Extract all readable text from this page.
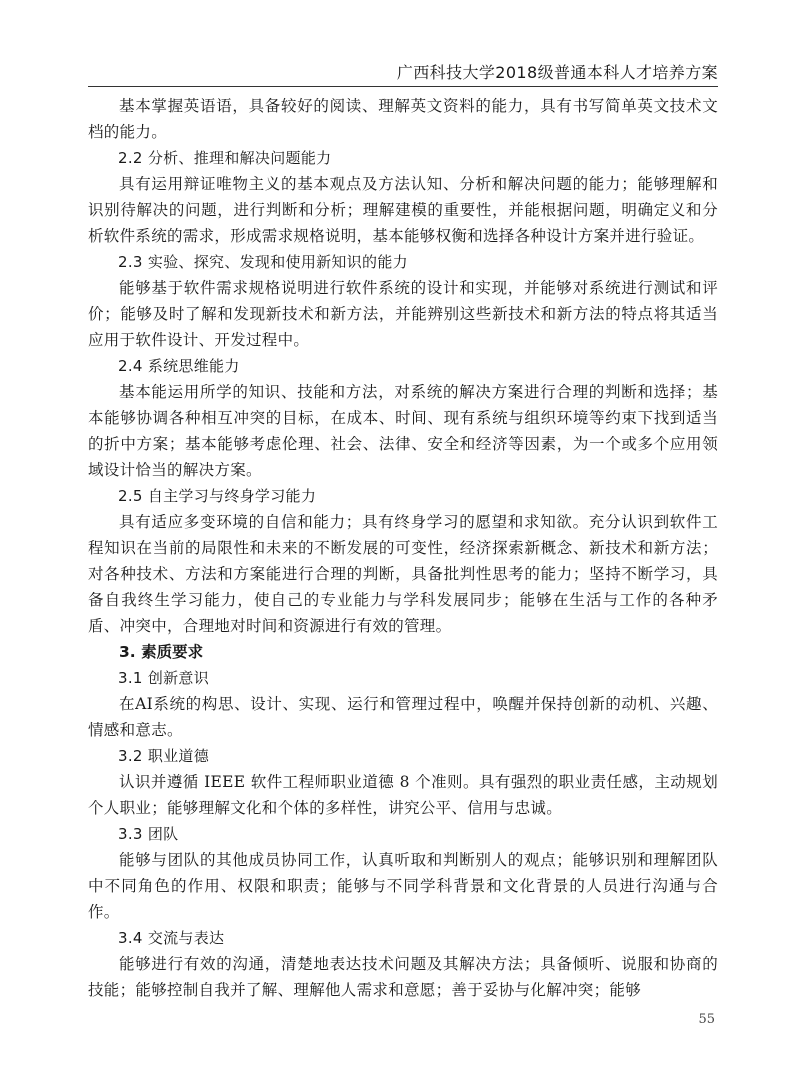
广西科技大学2018级普通本科人才培养方案

基本掌握英语语，具备较好的阅读、理解英文资料的能力，具有书写简单英文技术文档的能力。

2.2 分析、推理和解决问题能力

具有运用辩证唯物主义的基本观点及方法认知、分析和解决问题的能力；能够理解和识别待解决的问题，进行判断和分析；理解建模的重要性，并能根据问题，明确定义和分析软件系统的需求，形成需求规格说明，基本能够权衡和选择各种设计方案并进行验证。

2.3 实验、探究、发现和使用新知识的能力

能够基于软件需求规格说明进行软件系统的设计和实现，并能够对系统进行测试和评价；能够及时了解和发现新技术和新方法，并能辨别这些新技术和新方法的特点将其适当应用于软件设计、开发过程中。

2.4 系统思维能力

基本能运用所学的知识、技能和方法，对系统的解决方案进行合理的判断和选择；基本能够协调各种相互冲突的目标，在成本、时间、现有系统与组织环境等约束下找到适当的折中方案；基本能够考虑伦理、社会、法律、安全和经济等因素，为一个或多个应用领域设计恰当的解决方案。

2.5 自主学习与终身学习能力

具有适应多变环境的自信和能力；具有终身学习的愿望和求知欲。充分认识到软件工程知识在当前的局限性和未来的不断发展的可变性，经济探索新概念、新技术和新方法；对各种技术、方法和方案能进行合理的判断，具备批判性思考的能力；坚持不断学习，具备自我终生学习能力，使自己的专业能力与学科发展同步；能够在生活与工作的各种矛盾、冲突中，合理地对时间和资源进行有效的管理。

3. 素质要求

3.1 创新意识

在AI系统的构思、设计、实现、运行和管理过程中，唤醒并保持创新的动机、兴趣、情感和意志。

3.2 职业道德

认识并遵循 IEEE 软件工程师职业道德 8 个准则。具有强烈的职业责任感，主动规划个人职业；能够理解文化和个体的多样性，讲究公平、信用与忠诚。

3.3 团队

能够与团队的其他成员协同工作，认真听取和判断别人的观点；能够识别和理解团队中不同角色的作用、权限和职责；能够与不同学科背景和文化背景的人员进行沟通与合作。

3.4 交流与表达

能够进行有效的沟通，清楚地表达技术问题及其解决方法；具备倾听、说服和协商的技能；能够控制自我并了解、理解他人需求和意愿；善于妥协与化解冲突；能够

55
